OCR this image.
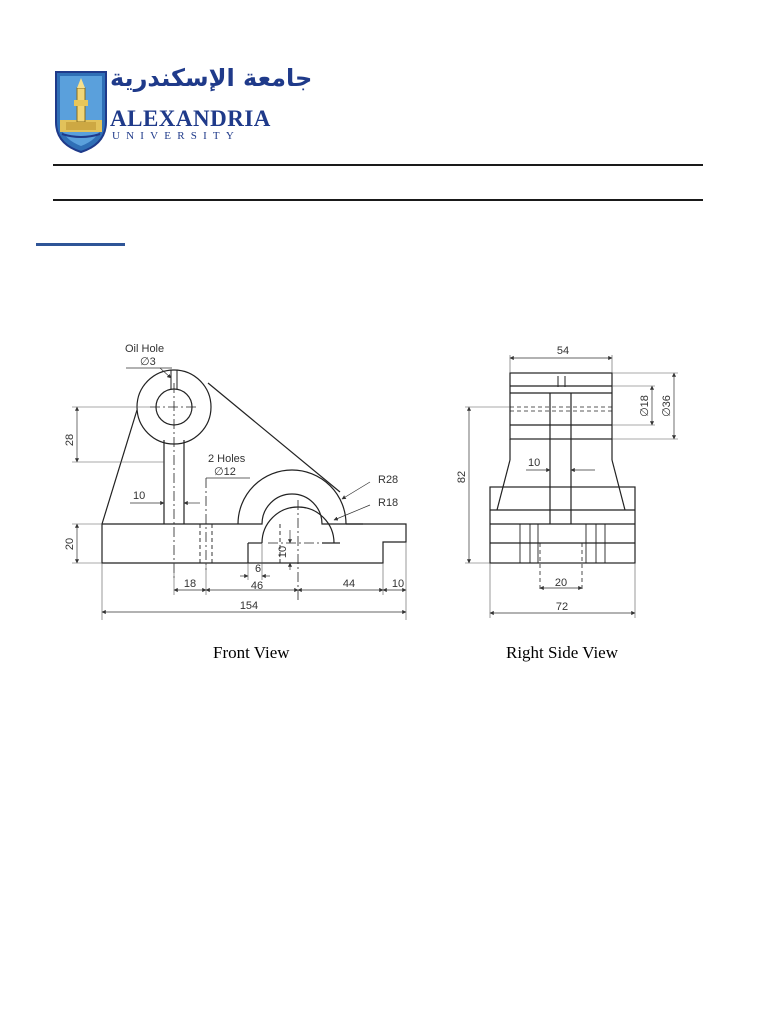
جامعة الإسكندرية
ALEXANDRIA
UNIVERSITY
Oil Hole
∅3
2 Holes
∅12
R28
R18
28
20
10
18	46
6
10
44	10
154
54
∅18 ∅36
82
10
20
72
Front View	Right Side View
